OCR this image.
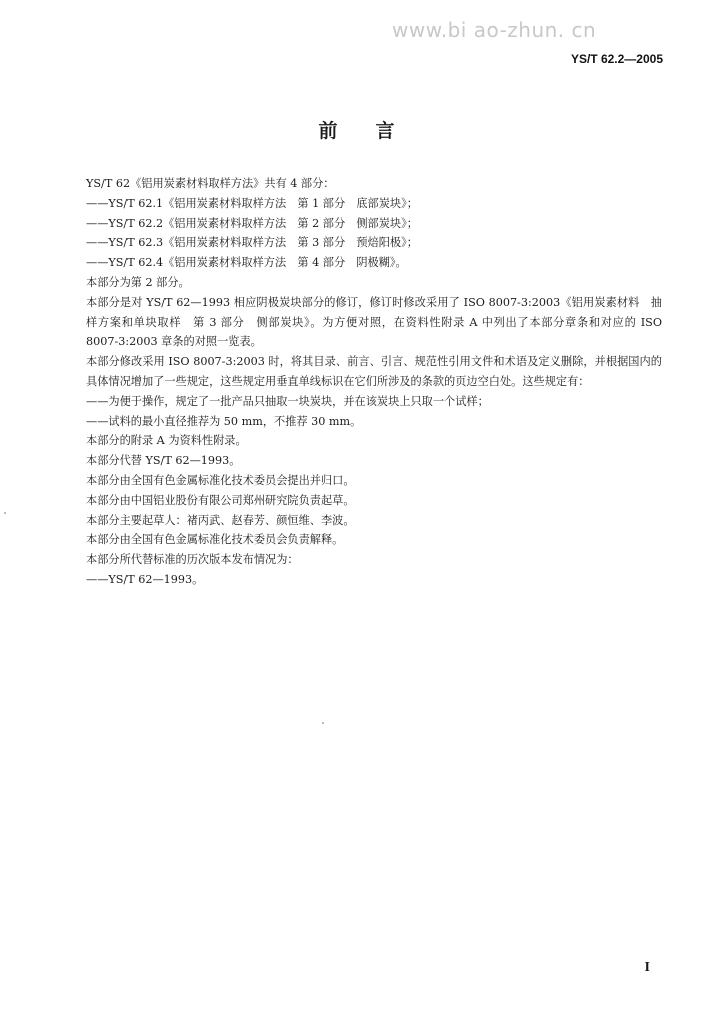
www.bi ao-zhun. cn
YS/T 62.2—2005
前言

YS/T 62《铝用炭素材料取样方法》共有 4 部分：

——YS/T 62.1《铝用炭素材料取样方法　第 1 部分　底部炭块》；

——YS/T 62.2《铝用炭素材料取样方法　第 2 部分　侧部炭块》；

——YS/T 62.3《铝用炭素材料取样方法　第 3 部分　预焙阳极》；

——YS/T 62.4《铝用炭素材料取样方法　第 4 部分　阴极糊》。

本部分为第 2 部分。

本部分是对 YS/T 62—1993 相应阴极炭块部分的修订，修订时修改采用了 ISO 8007-3:2003《铝用炭素材料　抽样方案和单块取样　第 3 部分　侧部炭块》。为方便对照，在资料性附录 A 中列出了本部分章条和对应的 ISO 8007-3:2003 章条的对照一览表。

本部分修改采用 ISO 8007-3:2003 时，将其目录、前言、引言、规范性引用文件和术语及定义删除，并根据国内的具体情况增加了一些规定，这些规定用垂直单线标识在它们所涉及的条款的页边空白处。这些规定有：

——为便于操作，规定了一批产品只抽取一块炭块，并在该炭块上只取一个试样；

——试料的最小直径推荐为 50 mm，不推荐 30 mm。

本部分的附录 A 为资料性附录。

本部分代替 YS/T 62—1993。

本部分由全国有色金属标准化技术委员会提出并归口。

本部分由中国铝业股份有限公司郑州研究院负责起草。

本部分主要起草人：禇丙武、赵春芳、颜恒维、李波。

本部分由全国有色金属标准化技术委员会负责解释。

本部分所代替标准的历次版本发布情况为：

——YS/T 62—1993。

I
